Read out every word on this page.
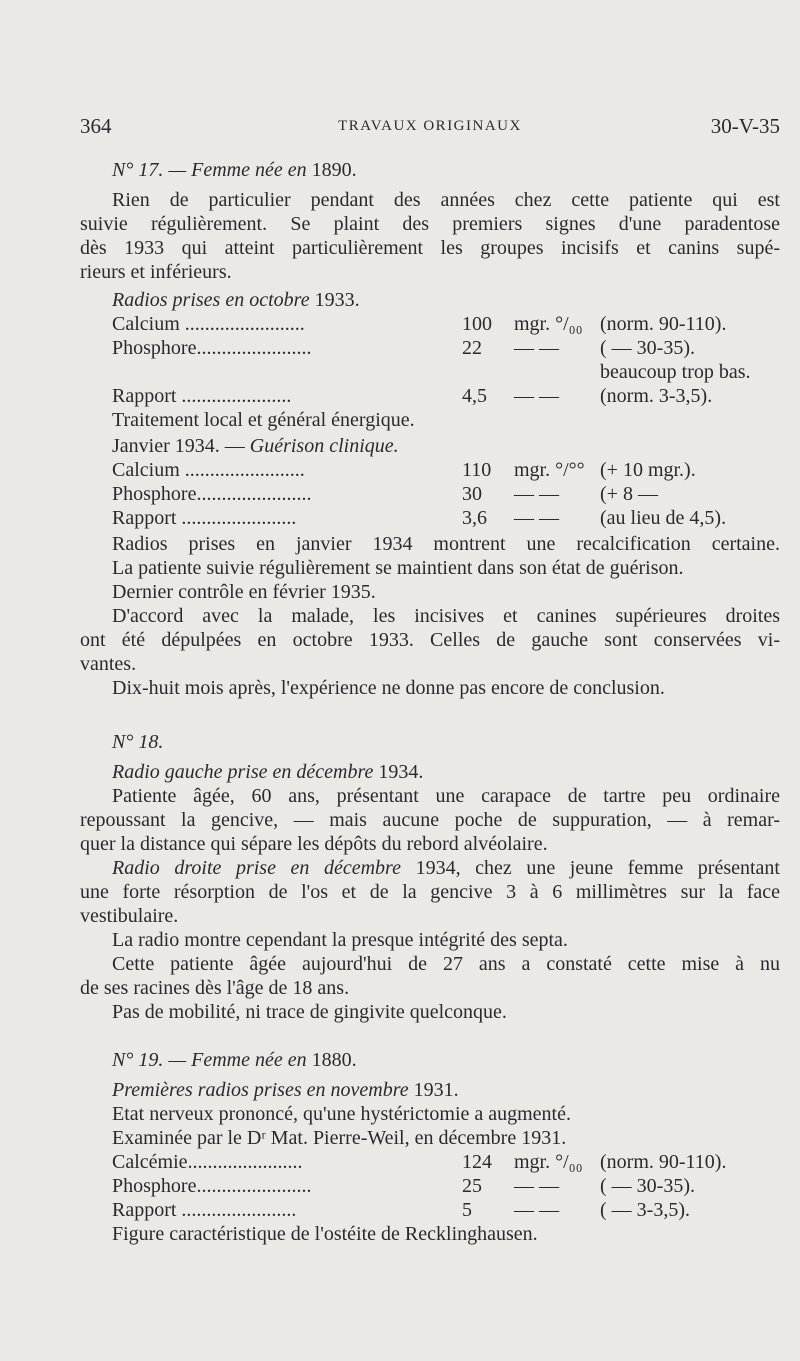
364	TRAVAUX ORIGINAUX	30-V-35
N° 17. — Femme née en 1890.
Rien de particulier pendant des années chez cette patiente qui est
suivie régulièrement. Se plaint des premiers signes d'une paradentose
dès 1933 qui atteint particulièrement les groupes incisifs et canins supé-
rieurs et inférieurs.
Radios prises en octobre 1933.
Calcium ........................	100 mgr. °/₀₀ (norm. 90-110).
Phosphore.......................	22 — — ( — 30-35).
beaucoup trop bas.
Rapport ......................	4,5 — — (norm. 3-3,5).
Traitement local et général énergique.
Janvier 1934. — Guérison clinique.
Calcium ........................	110 mgr. °/°° (+ 10 mgr.).
Phosphore.......................	30 — — (+ 8 —
Rapport .......................	3,6 — — (au lieu de 4,5).
Radios prises en janvier 1934 montrent une recalcification certaine.
La patiente suivie régulièrement se maintient dans son état de guérison.
Dernier contrôle en février 1935.
D'accord avec la malade, les incisives et canines supérieures droites
ont été dépulpées en octobre 1933. Celles de gauche sont conservées vi-
vantes.
Dix-huit mois après, l'expérience ne donne pas encore de conclusion.
N° 18.
Radio gauche prise en décembre 1934.
Patiente âgée, 60 ans, présentant une carapace de tartre peu ordinaire
repoussant la gencive, — mais aucune poche de suppuration, — à remar-
quer la distance qui sépare les dépôts du rebord alvéolaire.
Radio droite prise en décembre 1934, chez une jeune femme présentant
une forte résorption de l'os et de la gencive 3 à 6 millimètres sur la face
vestibulaire.
La radio montre cependant la presque intégrité des septa.
Cette patiente âgée aujourd'hui de 27 ans a constaté cette mise à nu
de ses racines dès l'âge de 18 ans.
Pas de mobilité, ni trace de gingivite quelconque.
N° 19. — Femme née en 1880.
Premières radios prises en novembre 1931.
Etat nerveux prononcé, qu'une hystérictomie a augmenté.
Examinée par le Dʳ Mat. Pierre-Weil, en décembre 1931.
Calcémie.......................	124 mgr. °/₀₀ (norm. 90-110).
Phosphore.......................	25 — — ( — 30-35).
Rapport .......................	5 — — ( — 3-3,5).
Figure caractéristique de l'ostéite de Recklinghausen.
